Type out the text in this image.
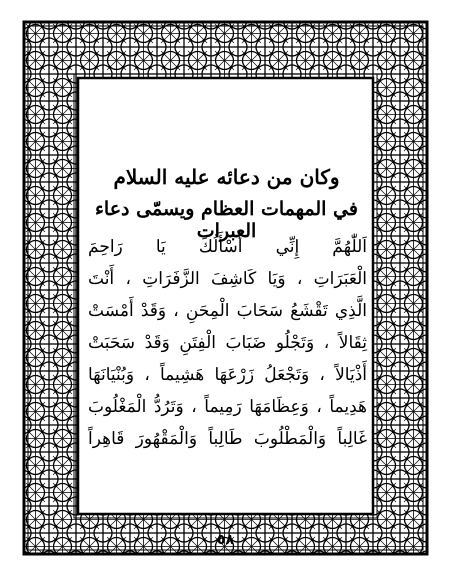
وكان من دعائه عليه السلام
في المهمات العظام ويسمّى دعاء العبرات
اَللّٰهُمَّ إِنِّي أَسْأَلُكَ يَا رَاحِمَ
الْعَبَرَاتِ ، وَيَا كَاشِفَ الزَّفَرَاتِ ، أَنْتَ
الَّذِي تَقْشَعُ سَحَابَ الْمِحَنِ ، وَقَدْ أَمْسَتْ
ثِقَالاً ، وَتَجْلُو ضَبَابَ الْفِتَنِ وَقَدْ سَحَبَتْ
أَذْيَالاً ، وَتَجْعَلُ زَرْعَهَا هَشِيماً ، وَبُنْيَانَهَا
هَدِيماً ، وَعِظَامَهَا رَمِيماً ، وَتَرُدُّ الْمَغْلُوبَ
غَالِباً وَالْمَطْلُوبَ طَالِباً وَالْمَقْهُورَ قَاهِراً
٥٨
